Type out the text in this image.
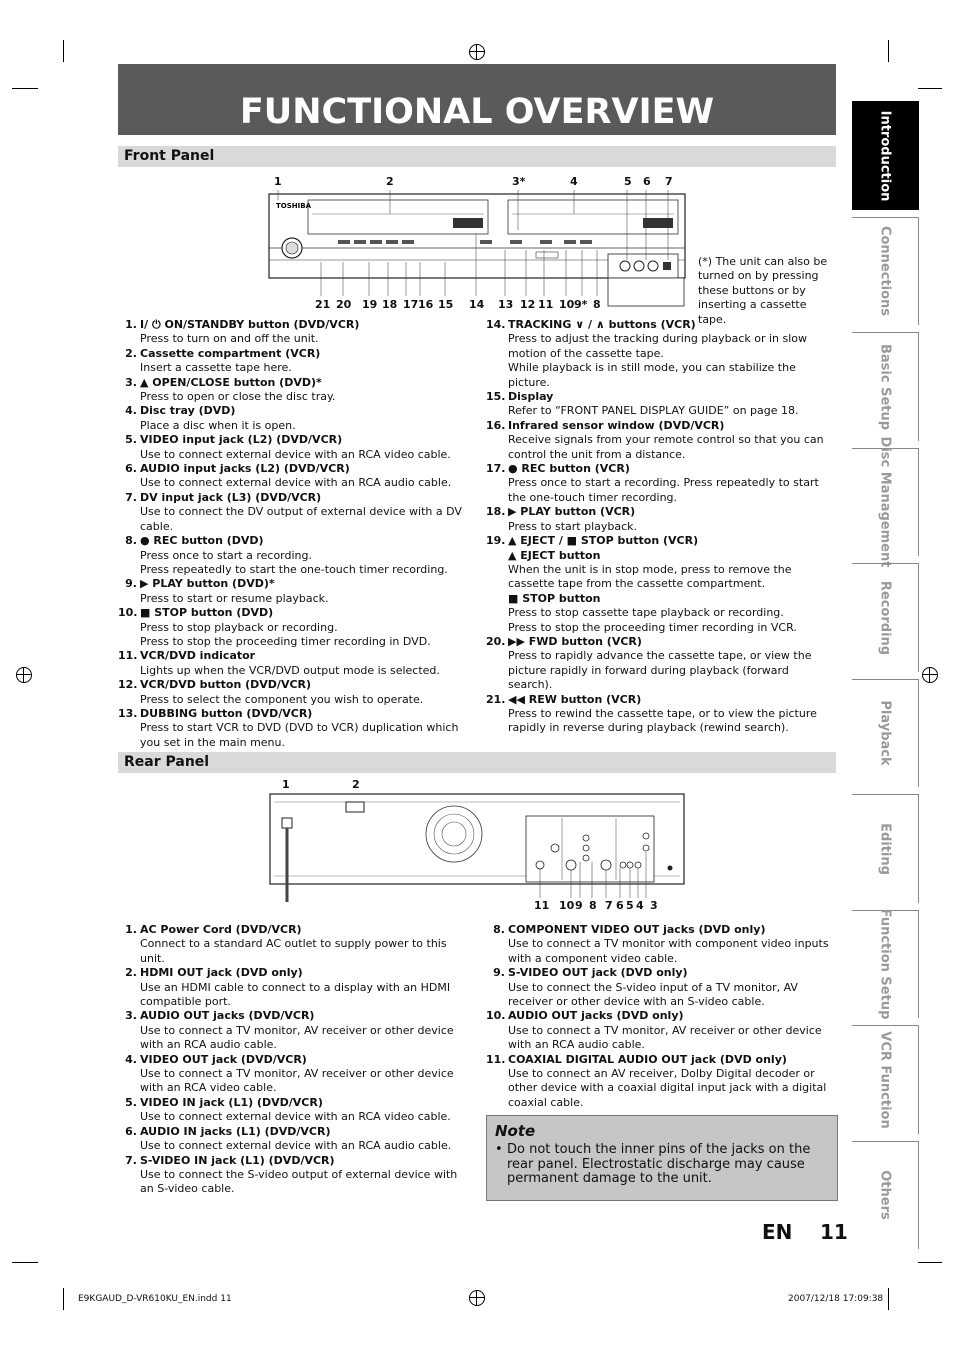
FUNCTIONAL OVERVIEW
Front Panel
1	2	3*	4	5 6 7
TOSHIBA
21 20 19 18 17 16 15 14 13 12 11 10 9* 8
(*) The unit can also be turned on by pressing these buttons or by inserting a cassette tape.
1. I/ ⏻ ON/STANDBY button (DVD/VCR)
Press to turn on and off the unit.
2. Cassette compartment (VCR)
Insert a cassette tape here.
3. ▲ OPEN/CLOSE button (DVD)*
Press to open or close the disc tray.
4. Disc tray (DVD)
Place a disc when it is open.
5. VIDEO input jack (L2) (DVD/VCR)
Use to connect external device with an RCA video cable.
6. AUDIO input jacks (L2) (DVD/VCR)
Use to connect external device with an RCA audio cable.
7. DV input jack (L3) (DVD/VCR)
Use to connect the DV output of external device with a DV cable.
8. ● REC button (DVD)
Press once to start a recording.
Press repeatedly to start the one-touch timer recording.
9. ▶ PLAY button (DVD)*
Press to start or resume playback.
10. ■ STOP button (DVD)
Press to stop playback or recording.
Press to stop the proceeding timer recording in DVD.
11. VCR/DVD indicator
Lights up when the VCR/DVD output mode is selected.
12. VCR/DVD button (DVD/VCR)
Press to select the component you wish to operate.
13. DUBBING button (DVD/VCR)
Press to start VCR to DVD (DVD to VCR) duplication which you set in the main menu.
14. TRACKING ∨ / ∧ buttons (VCR)
Press to adjust the tracking during playback or in slow motion of the cassette tape.
While playback is in still mode, you can stabilize the picture.
15. Display
Refer to “FRONT PANEL DISPLAY GUIDE” on page 18.
16. Infrared sensor window (DVD/VCR)
Receive signals from your remote control so that you can control the unit from a distance.
17. ● REC button (VCR)
Press once to start a recording. Press repeatedly to start the one-touch timer recording.
18. ▶ PLAY button (VCR)
Press to start playback.
19. ▲ EJECT / ■ STOP button (VCR)
▲ EJECT button
When the unit is in stop mode, press to remove the cassette tape from the cassette compartment.
■ STOP button
Press to stop cassette tape playback or recording.
Press to stop the proceeding timer recording in VCR.
20. ▶▶ FWD button (VCR)
Press to rapidly advance the cassette tape, or view the picture rapidly in forward during playback (forward search).
21. ◀◀ REW button (VCR)
Press to rewind the cassette tape, or to view the picture rapidly in reverse during playback (rewind search).
Rear Panel
1	2
11 10 9 8 7 6 5 4 3
1. AC Power Cord (DVD/VCR)
Connect to a standard AC outlet to supply power to this unit.
2. HDMI OUT jack (DVD only)
Use an HDMI cable to connect to a display with an HDMI compatible port.
3. AUDIO OUT jacks (DVD/VCR)
Use to connect a TV monitor, AV receiver or other device with an RCA audio cable.
4. VIDEO OUT jack (DVD/VCR)
Use to connect a TV monitor, AV receiver or other device with an RCA video cable.
5. VIDEO IN jack (L1) (DVD/VCR)
Use to connect external device with an RCA video cable.
6. AUDIO IN jacks (L1) (DVD/VCR)
Use to connect external device with an RCA audio cable.
7. S-VIDEO IN jack (L1) (DVD/VCR)
Use to connect the S-video output of external device with an S-video cable.
8. COMPONENT VIDEO OUT jacks (DVD only)
Use to connect a TV monitor with component video inputs with a component video cable.
9. S-VIDEO OUT jack (DVD only)
Use to connect the S-video input of a TV monitor, AV receiver or other device with an S-video cable.
10. AUDIO OUT jacks (DVD only)
Use to connect a TV monitor, AV receiver or other device with an RCA audio cable.
11. COAXIAL DIGITAL AUDIO OUT jack (DVD only)
Use to connect an AV receiver, Dolby Digital decoder or other device with a coaxial digital input jack with a digital coaxial cable.
Note
• Do not touch the inner pins of the jacks on the rear panel. Electrostatic discharge may cause permanent damage to the unit.
Introduction
Connections
Basic Setup
Disc Management
Recording
Playback
Editing
Function Setup
VCR Function
Others
EN 11
E9KGAUD_D-VR610KU_EN.indd 11	2007/12/18 17:09:38
